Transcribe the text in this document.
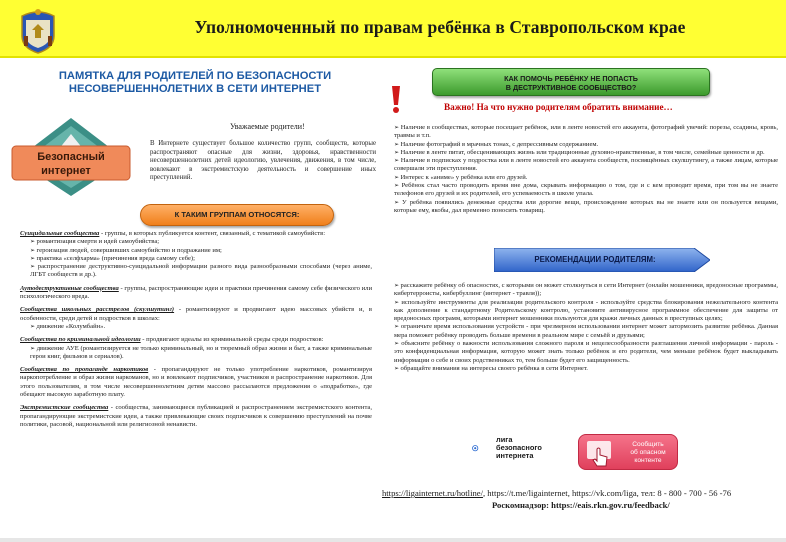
Уполномоченный по правам ребёнка в Ставропольском крае
ПАМЯТКА ДЛЯ РОДИТЕЛЕЙ ПО БЕЗОПАСНОСТИ
НЕСОВЕРШЕННОЛЕТНИХ В СЕТИ ИНТЕРНЕТ
Безопасный
интернет
Уважаемые родители!
В Интернете существует большое количество групп, сообществ, которые распространяют опасные для жизни, здоровья, нравственности несовершеннолетних детей идеологию, увлечения, движения, в том числе, вовлекают в экстремистскую деятельность и совершение иных преступлений.
К ТАКИМ ГРУППАМ ОТНОСЯТСЯ:
Суицидальные сообщества - группы, в которых публикуется контент, связанный, с тематикой самоубийств:
➢ романтизация смерти и идей самоубийства;
➢ героизация людей, совершивших самоубийство и подражание им;
➢ практика «селфхарма» (причинения вреда самому себе);
➢ распространение деструктивно-суицидальной информации разного вида разнообразными способами (через аниме, ЛГБТ сообществ и др.).
Аутодеструктивные сообщества - группы, распространяющие идеи и практики причинения самому себе физического или психологического вреда.
Сообщества школьных расстрелов (скулшутинг) - романтизируют и продвигают идею массовых убийств и, в особенности, среди детей и подростков в школах:
➢ движение «Колумбайн».
Сообщества по криминальной идеологии - продвигают идеалы из криминальной среды среди подростков:
➢ движение АУЕ (романтизируется не только криминальный, но и тюремный образ жизни и быт, а также криминальные герои книг, фильмов и сериалов).
Сообщества по пропаганде наркотиков - пропагандируют не только употребление наркотиков, романтизируя наркопотребление и образ жизни наркоманов, но и вовлекают подписчиков, участников в распространение наркотиков. Для этого пользователям, в том числе несовершеннолетним детям массово рассылаются предложения о «подработке», где обещают высокую заработную плату.
Экстремистские сообщества - сообщества, занимающиеся публикацией и распространением экстремистского контента, пропагандирующие экстремистские идеи, а также привлекающие своих подписчиков к совершению преступлений на почве политики, расовой, национальной или религиозной ненависти.
КАК ПОМОЧЬ РЕБЁНКУ НЕ ПОПАСТЬ
В ДЕСТРУКТИВНОЕ СООБЩЕСТВО?
Важно! На что нужно родителям обратить внимание…
➢ Наличие в сообществах, которые посещает ребёнок, или в ленте новостей его аккаунта, фотографий увечий: порезы, ссадины, кровь, травмы и т.п.
➢ Наличие фотографий в мрачных тонах, с депрессивным содержанием.
➢ Наличие в ленте питат, обесценивающих жизнь или традиционные духовно-нравственные, в том числе, семейные ценности и др.
➢ Наличие в подписках у подростка или в ленте новостей его аккаунта сообществ, посвящённых скулшутингу, а также лицам, которые совершали эти преступления.
➢ Интерес к «аниме» у ребёнка или его друзей.
➢ Ребёнок стал часто проводить время вне дома, скрывать информацию о том, где и с кем проводит время, при том вы не знаете телефонов его друзей и их родителей, его успеваемость в школе упала.
➢ У ребёнка появились денежные средства или дорогие вещи, происхождение которых вы не знаете или он пользуется вещами, которые ему, якобы, дал временно поносить товарищ.
РЕКОМЕНДАЦИИ РОДИТЕЛЯМ:
➢ расскажите ребёнку об опасностях, с которыми он может столкнуться в сети Интернет (онлайн мошенники, вредоносные программы, кибертерроисты, кибербуллинг (интернет - травля));
➢ используйте инструменты для реализации родительского контроля - используйте средства блокирования нежелательного контента как дополнение к стандартному Родительскому контролю, установите антивирусное программное обеспечение для защиты от вредоносных программ, которыми интернет мошенники пользуются для кражи личных данных в преступных целях;
➢ ограничьте время использования устройств - при чрезмерном использовании интернет может затормозить развитие ребёнка. Данная мера поможет ребёнку проводить больше времени в реальном мире с семьёй и друзьями;
➢ объясните ребёнку о важности использования сложного пароля и нецелесообразности разглашения личной информации - пароль - это конфиденциальная информация, которую может знать только ребёнок и его родители, чем меньше ребёнок будет выкладывать информации о себе и своих родственниках то, тем больше будет его защищенность.
➢ обращайте внимания на интересы своего ребёнка в сети Интернет.
лига
безопасного
интернета
Сообщить
об опасном
контенте
https://ligainternet.ru/hotline/, https://t.me/ligainternet, https://vk.com/liga, тел: 8 - 800 - 700 - 56 -76
Роскомнадзор: https://eais.rkn.gov.ru/feedback/
